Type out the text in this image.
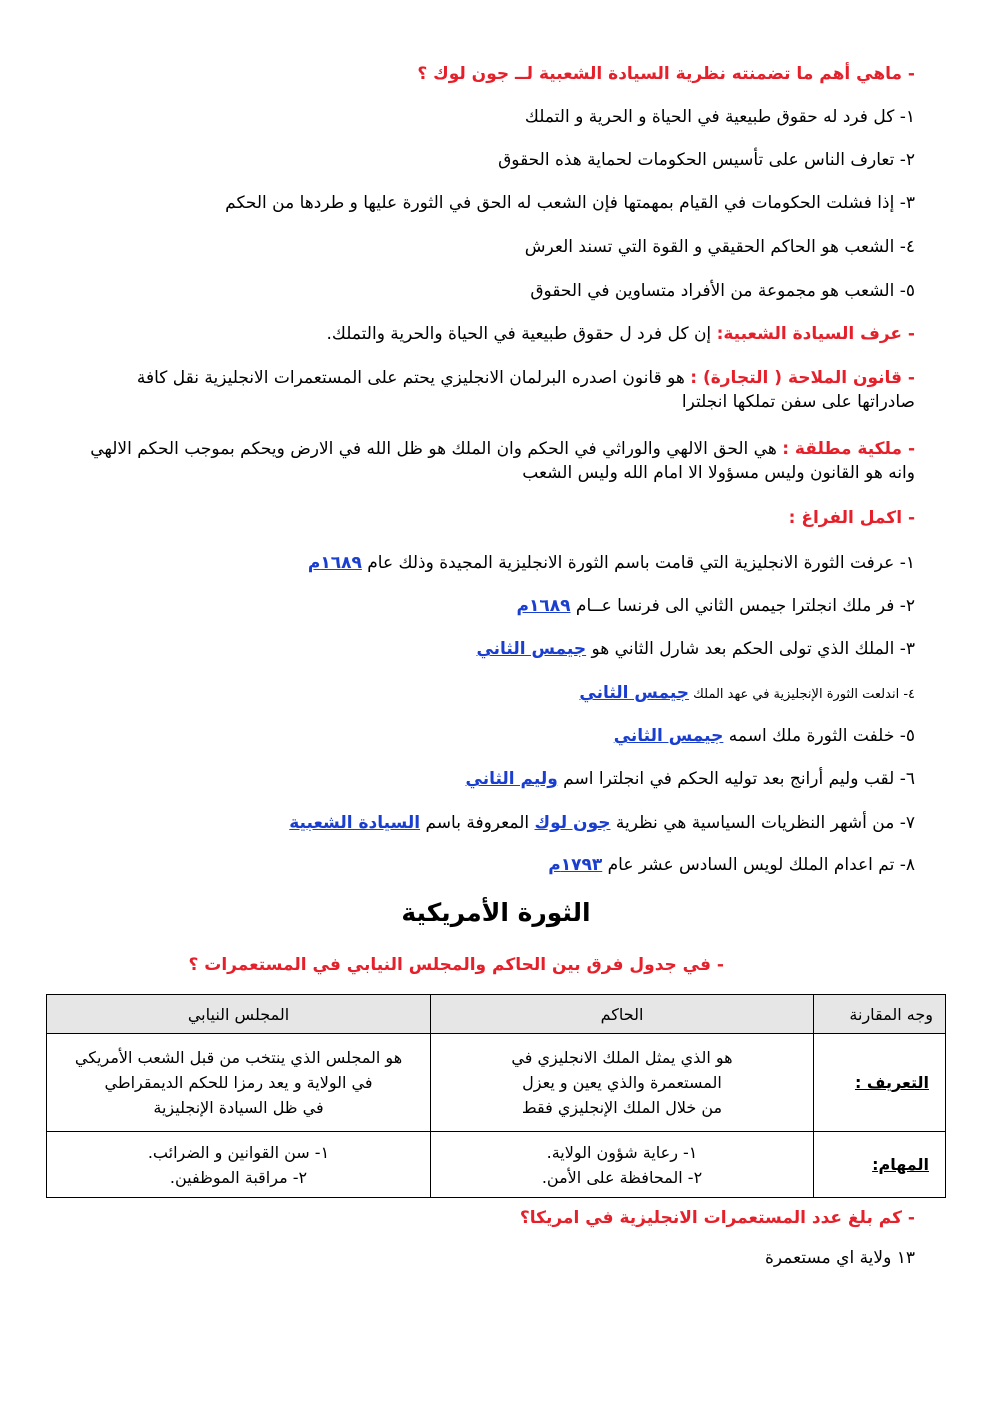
- ماهي أهم ما تضمنته نظرية السيادة الشعبية لــ جون لوك ؟
١- كل فرد له حقوق طبيعية في الحياة و الحرية و التملك
٢- تعارف الناس على تأسيس الحكومات لحماية هذه الحقوق
٣- إذا فشلت الحكومات في القيام بمهمتها فإن الشعب له الحق في الثورة عليها و طردها من الحكم
٤- الشعب هو الحاكم الحقيقي و القوة التي تسند العرش
٥- الشعب هو مجموعة من الأفراد متساوين في الحقوق
- عرف السيادة الشعبية: إن كل فرد ل حقوق طبيعية في الحياة والحرية والتملك.
- قانون الملاحة ( التجارة) : هو قانون اصدره البرلمان الانجليزي يحتم على المستعمرات الانجليزية نقل كافة صادراتها على سفن تملكها انجلترا
- ملكية مطلقة : هي الحق الالهي والوراثي في الحكم وان الملك هو ظل الله في الارض ويحكم بموجب الحكم الالهي وانه هو القانون وليس مسؤولا الا امام الله وليس الشعب
- اكمل الفراغ :
١- عرفت الثورة الانجليزية التي قامت باسم الثورة الانجليزية المجيدة وذلك عام ١٦٨٩م
٢- فر ملك انجلترا جيمس الثاني الى فرنسا عــام ١٦٨٩م
٣- الملك الذي تولى الحكم بعد شارل الثاني هو جيمس الثاني
٤- اندلعت الثورة الإنجليزية في عهد الملك جيمس الثاني
٥- خلفت الثورة ملك اسمه جيمس الثاني
٦- لقب وليم أرانج بعد توليه الحكم في انجلترا اسم وليم الثاني
٧- من أشهر النظريات السياسية هي نظرية جون لوك المعروفة باسم السيادة الشعبية
٨- تم اعدام الملك لويس السادس عشر عام ١٧٩٣م
الثورة الأمريكية
- في جدول فرق بين الحاكم والمجلس النيابي في المستعمرات ؟
وجه المقارنة	الحاكم	المجلس النيابي
التعريف :	هو الذي يمثل الملك الانجليزي في
المستعمرة والذي يعين و يعزل
من خلال الملك الإنجليزي فقط	هو المجلس الذي ينتخب من قبل الشعب الأمريكي
في الولاية و يعد رمزا للحكم الديمقراطي
في ظل السيادة الإنجليزية

المهام:	١- رعاية شؤون الولاية.
٢- المحافظة على الأمن.	١- سن القوانين و الضرائب.
٢- مراقبة الموظفين.
- كم بلغ عدد المستعمرات الانجليزية في امريكا؟
١٣ ولاية اي مستعمرة
